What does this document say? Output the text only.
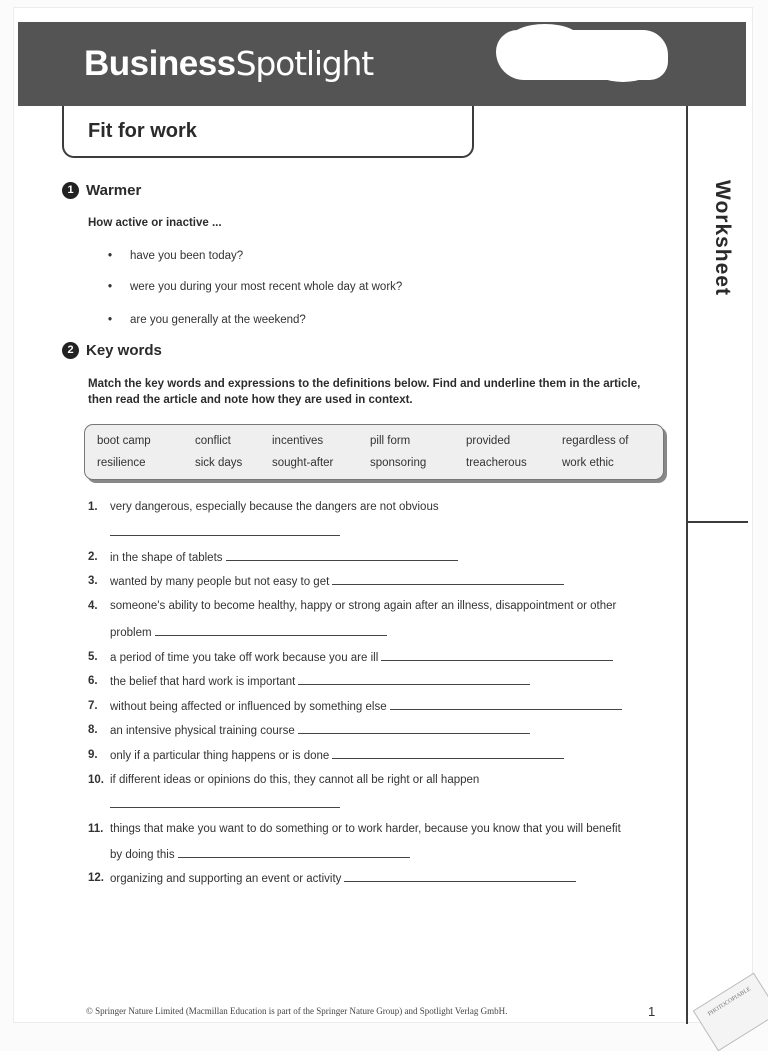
BusinessSpotlight
Worksheet
Fit for work
1 Warmer
How active or inactive ...
• have you been today?
• were you during your most recent whole day at work?
• are you generally at the weekend?
2 Key words
Match the key words and expressions to the definitions below. Find and underline them in the article, then read the article and note how they are used in context.
boot camp	conflict	incentives	pill form	provided	regardless of
resilience	sick days	sought-after	sponsoring	treacherous	work ethic
1. very dangerous, especially because the dangers are not obvious
2. in the shape of tablets
3. wanted by many people but not easy to get
4. someone's ability to become healthy, happy or strong again after an illness, disappointment or other
problem
5. a period of time you take off work because you are ill
6. the belief that hard work is important
7. without being affected or influenced by something else
8. an intensive physical training course
9. only if a particular thing happens or is done
10. if different ideas or opinions do this, they cannot all be right or all happen
11. things that make you want to do something or to work harder, because you know that you will benefit
by doing this
12. organizing and supporting an event or activity
© Springer Nature Limited (Macmillan Education is part of the Springer Nature Group) and Spotlight Verlag GmbH.	1	PHOTOCOPIABLE
